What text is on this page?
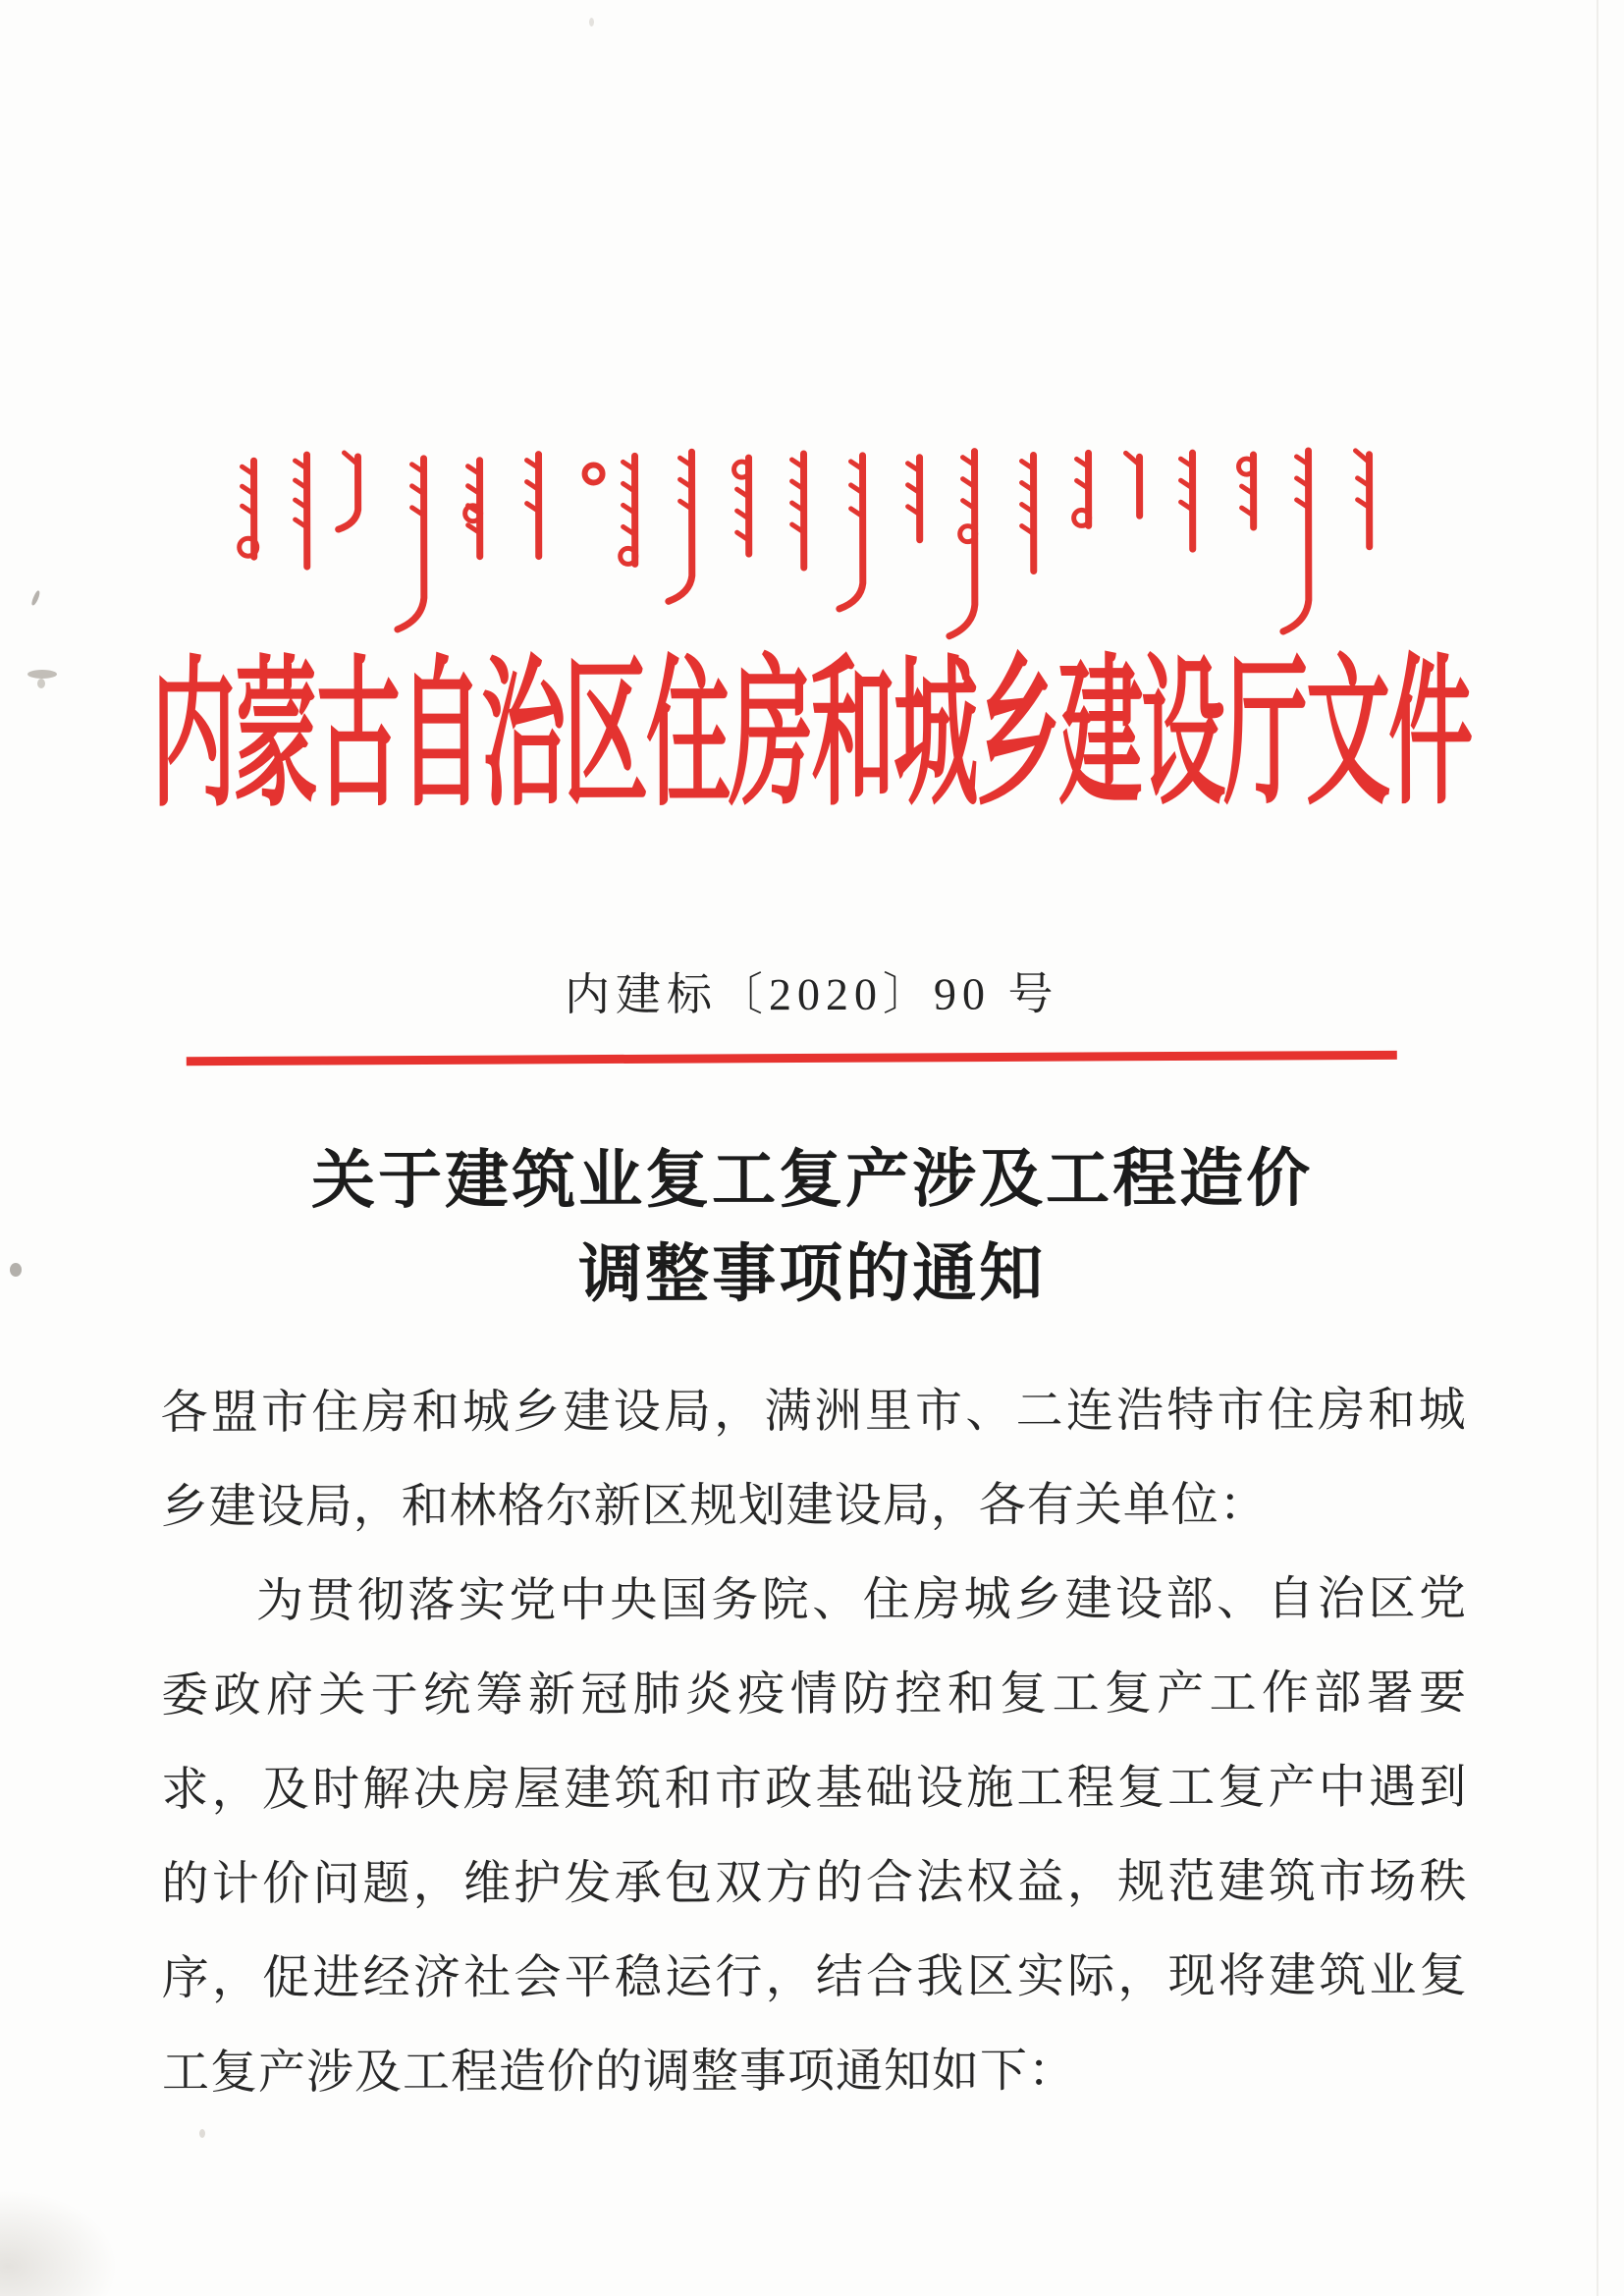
内蒙古自治区住房和城乡建设厅文件
内建标〔2020〕90 号
关于建筑业复工复产涉及工程造价
调整事项的通知
各盟市住房和城乡建设局，满洲里市、二连浩特市住房和城
乡建设局，和林格尔新区规划建设局，各有关单位：
为贯彻落实党中央国务院、住房城乡建设部、自治区党
委政府关于统筹新冠肺炎疫情防控和复工复产工作部署要
求，及时解决房屋建筑和市政基础设施工程复工复产中遇到
的计价问题，维护发承包双方的合法权益，规范建筑市场秩
序，促进经济社会平稳运行，结合我区实际，现将建筑业复
工复产涉及工程造价的调整事项通知如下：
